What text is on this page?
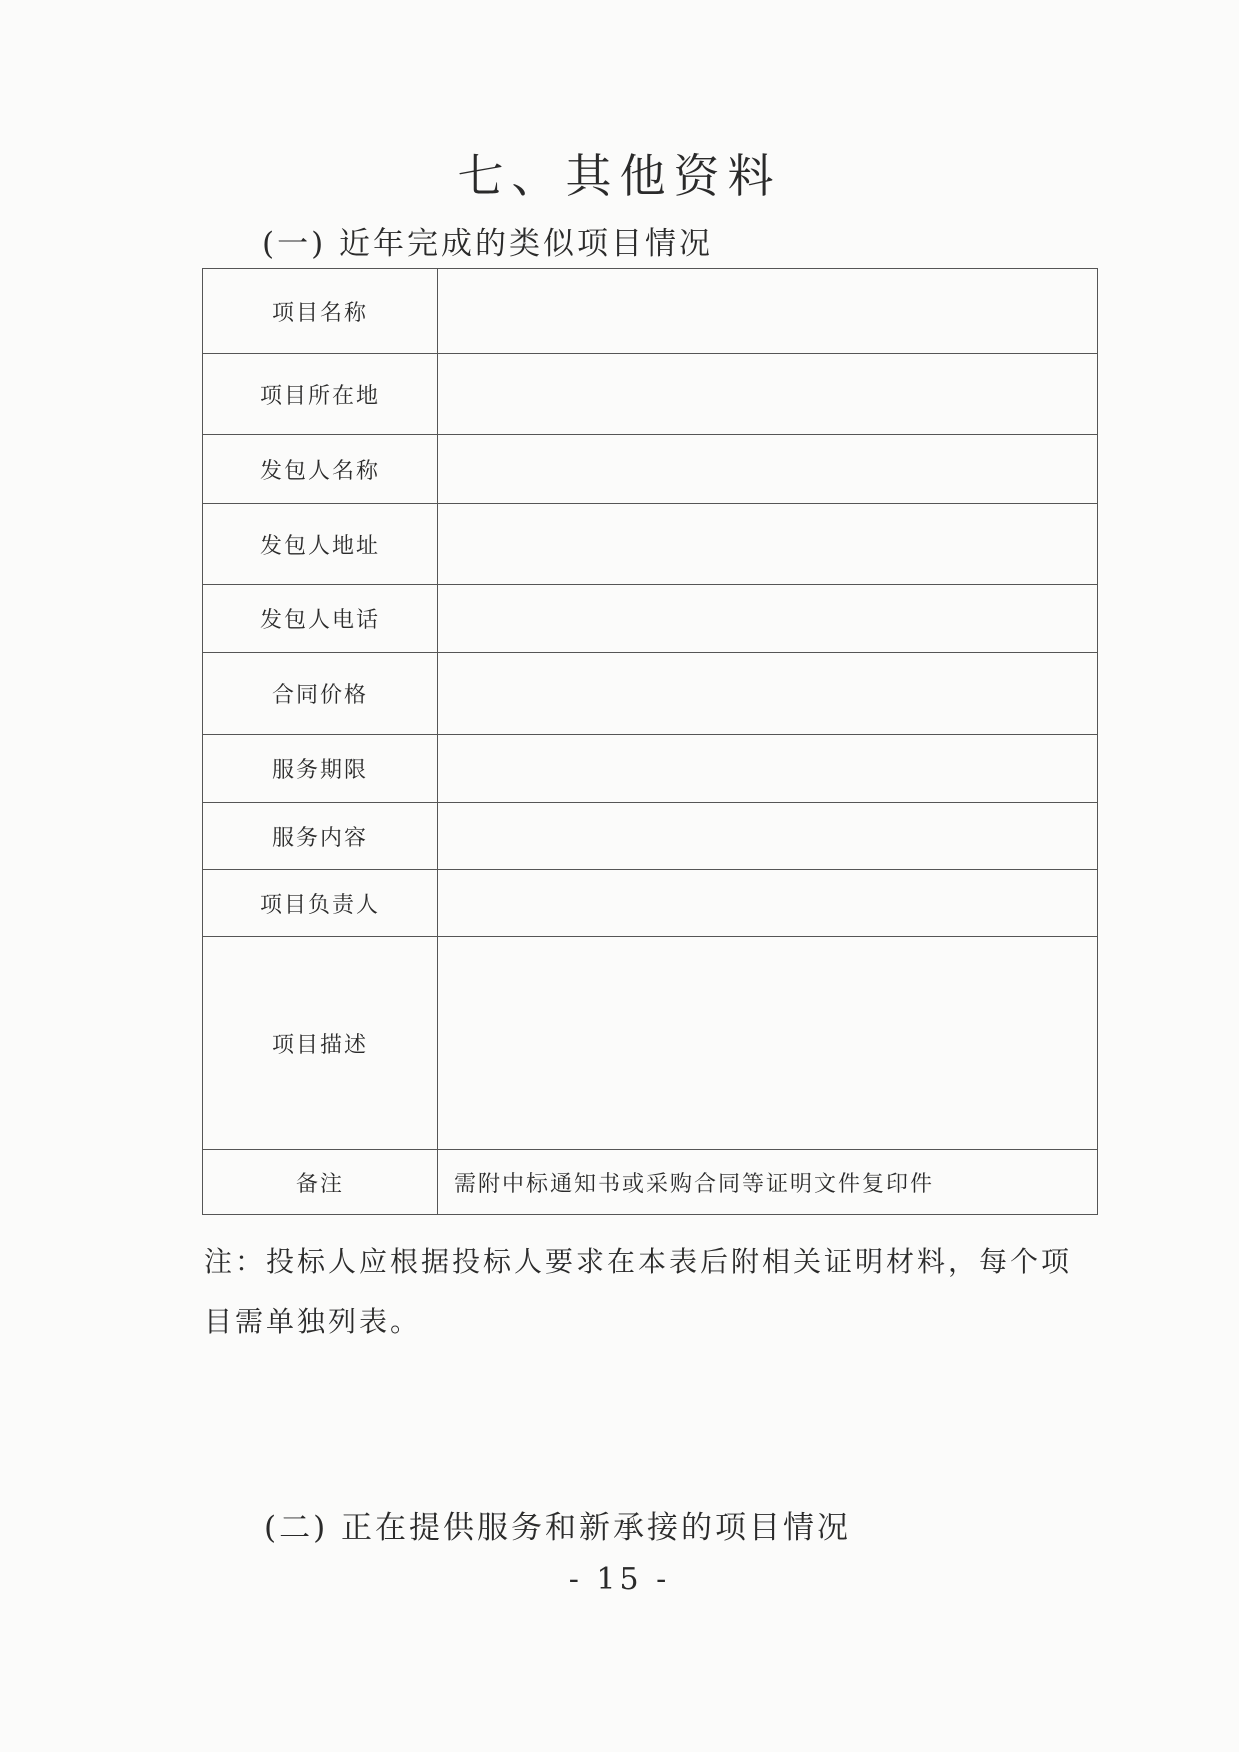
七、其他资料

(一) 近年完成的类似项目情况

项目名称	
项目所在地	
发包人名称	
发包人地址	
发包人电话	
合同价格	
服务期限	
服务内容	
项目负责人	
项目描述	
备注	需附中标通知书或采购合同等证明文件复印件

注：投标人应根据投标人要求在本表后附相关证明材料，每个项目需单独列表。

(二) 正在提供服务和新承接的项目情况

- 15 -
